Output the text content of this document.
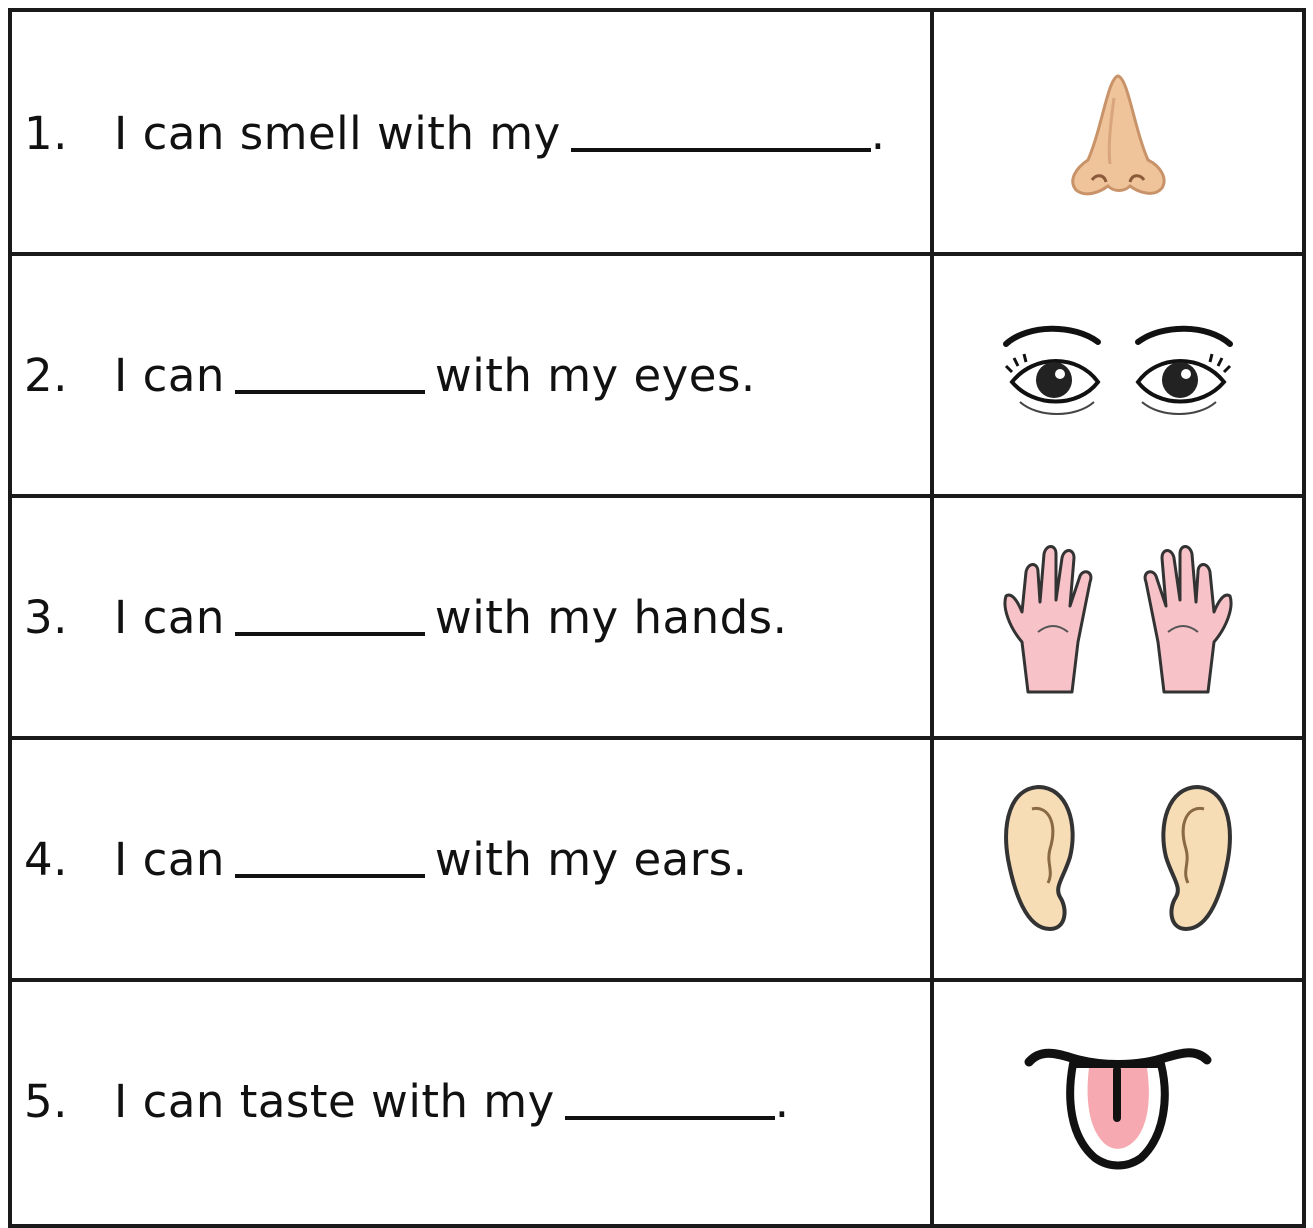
1.	I can smell with my	.
2.	I can	with my eyes.
3.	I can	with my hands.
4.	I can	with my ears.
5.	I can taste with my	.
